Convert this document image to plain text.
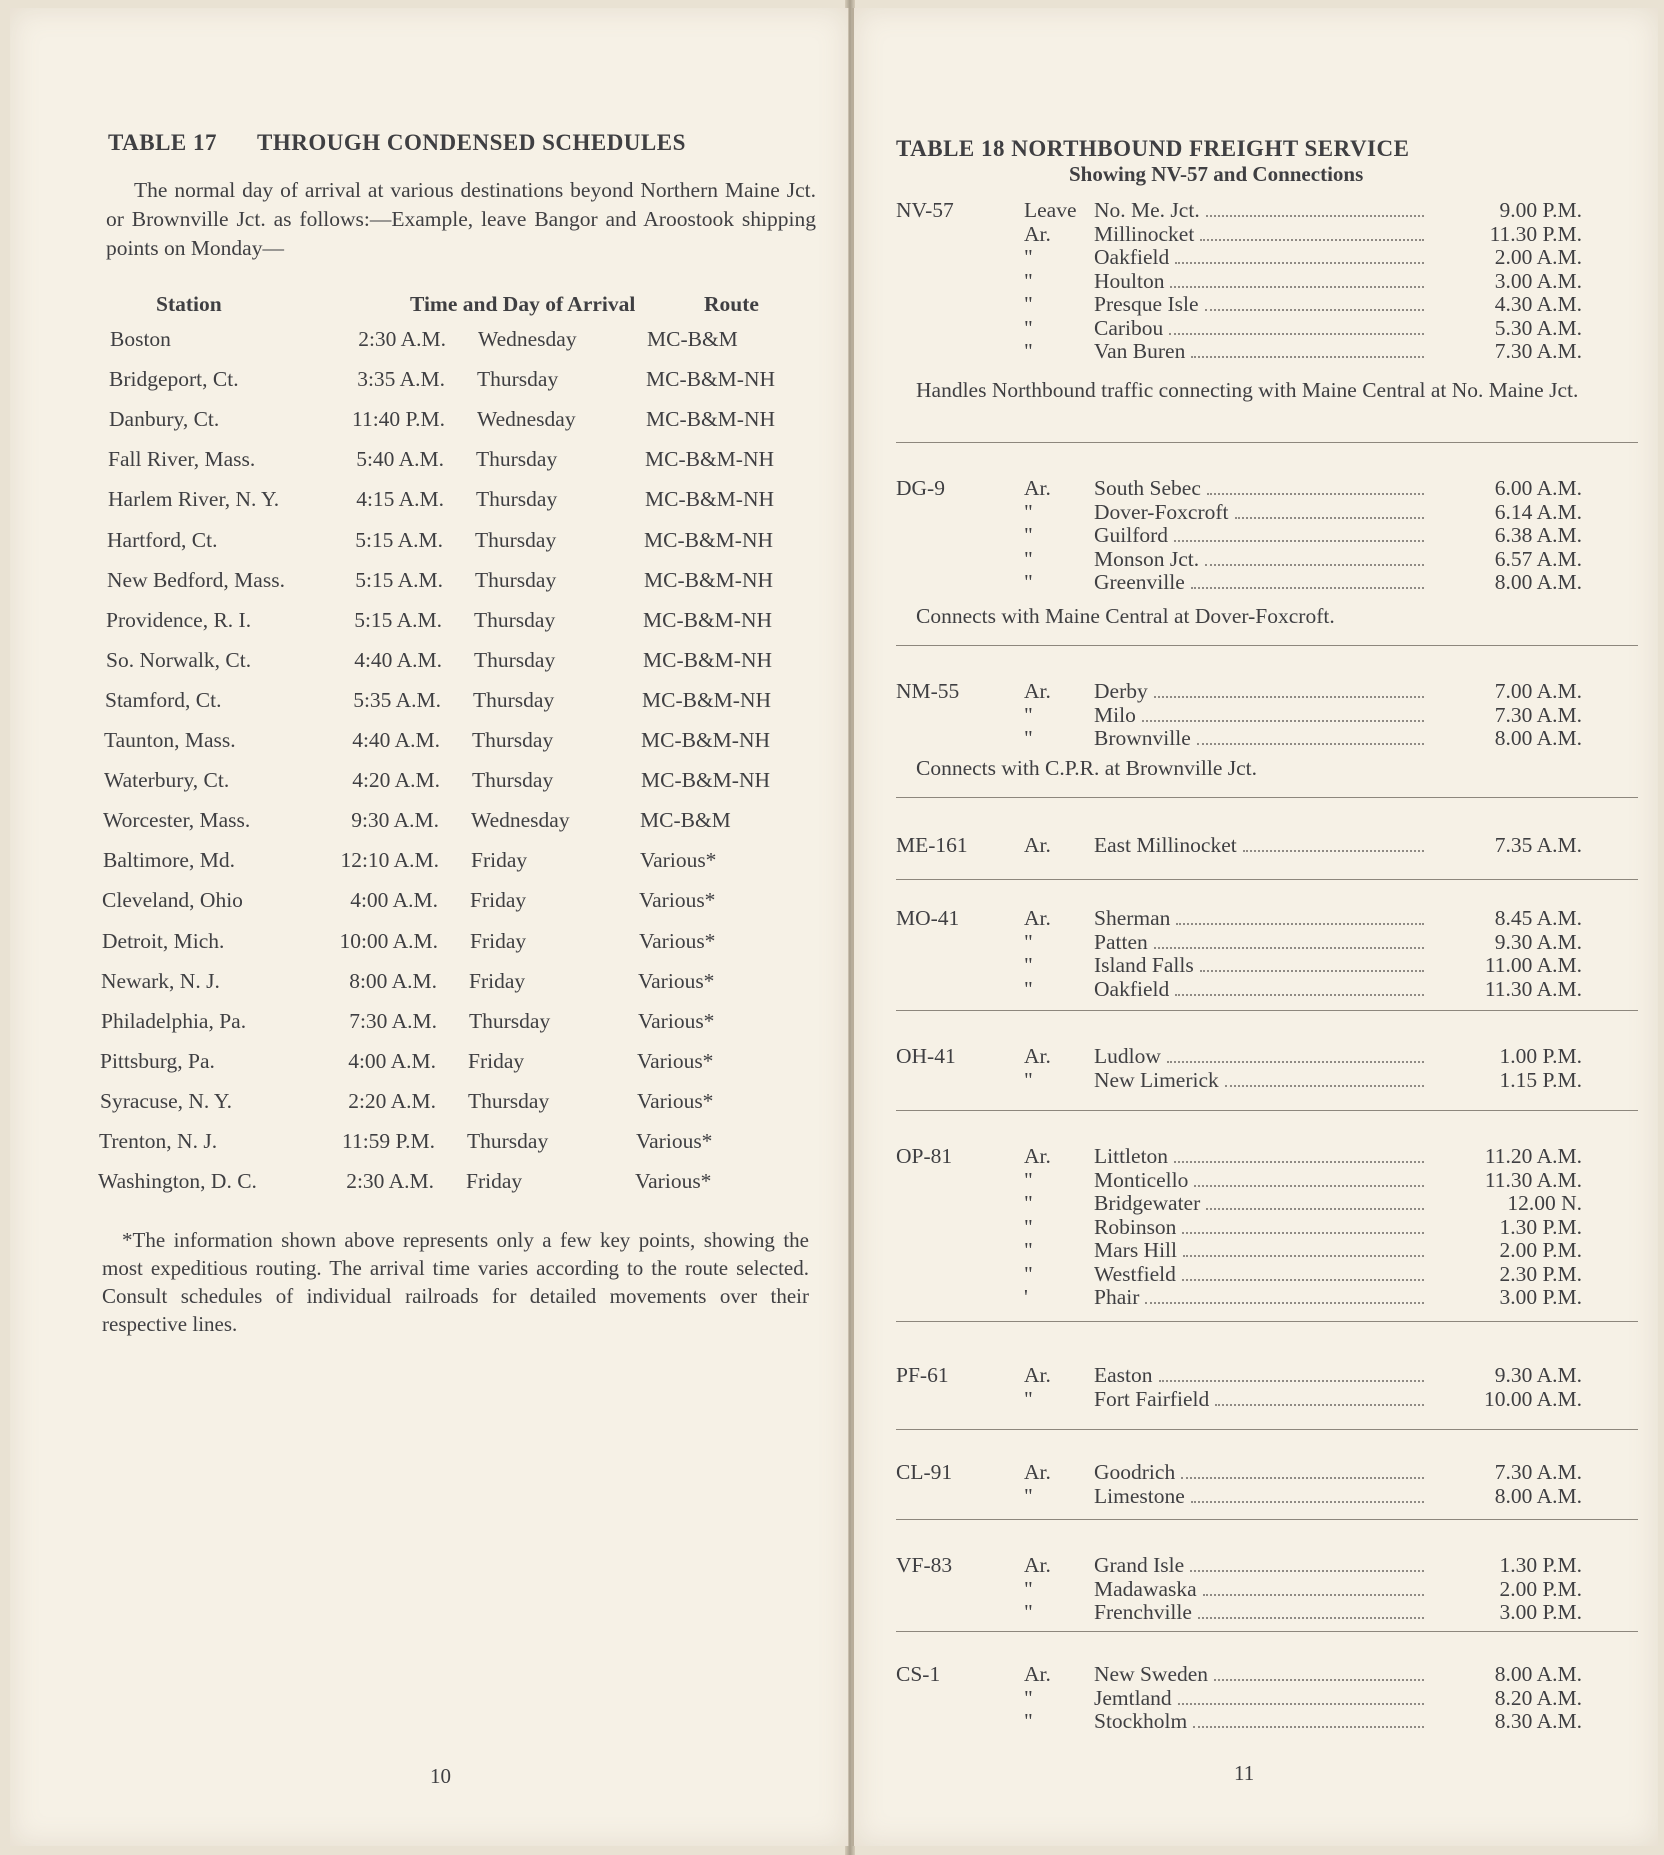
TABLE 17 THROUGH CONDENSED SCHEDULES
The normal day of arrival at various destinations beyond Northern Maine Jct. or Brownville Jct. as follows:—Example, leave Bangor and Aroostook shipping points on Monday—
Station	Time and Day of Arrival	Route
Boston	2:30 A.M. Wednesday	MC-B&M
Bridgeport, Ct.	3:35 A.M. Thursday	MC-B&M-NH
Danbury, Ct.	11:40 P.M. Wednesday	MC-B&M-NH
Fall River, Mass.	5:40 A.M. Thursday	MC-B&M-NH
Harlem River, N. Y.	4:15 A.M. Thursday	MC-B&M-NH
Hartford, Ct.	5:15 A.M. Thursday	MC-B&M-NH
New Bedford, Mass.	5:15 A.M. Thursday	MC-B&M-NH
Providence, R. I.	5:15 A.M. Thursday	MC-B&M-NH
So. Norwalk, Ct.	4:40 A.M. Thursday	MC-B&M-NH
Stamford, Ct.	5:35 A.M. Thursday	MC-B&M-NH
Taunton, Mass.	4:40 A.M. Thursday	MC-B&M-NH
Waterbury, Ct.	4:20 A.M. Thursday	MC-B&M-NH
Worcester, Mass.	9:30 A.M. Wednesday	MC-B&M
Baltimore, Md.	12:10 A.M. Friday	Various*
Cleveland, Ohio	4:00 A.M. Friday	Various*
Detroit, Mich.	10:00 A.M. Friday	Various*
Newark, N. J.	8:00 A.M. Friday	Various*
Philadelphia, Pa.	7:30 A.M. Thursday	Various*
Pittsburg, Pa.	4:00 A.M. Friday	Various*
Syracuse, N. Y.	2:20 A.M. Thursday	Various*
Trenton, N. J.	11:59 P.M. Thursday	Various*
Washington, D. C.	2:30 A.M. Friday	Various*
*The information shown above represents only a few key points, showing the most expeditious routing. The arrival time varies according to the route selected. Consult schedules of individual railroads for detailed movements over their respective lines.
10
TABLE 18 NORTHBOUND FREIGHT SERVICE
Showing NV-57 and Connections
NV-57	Leave No. Me. Jct.	9.00 P.M.
Ar.	Millinocket	11.30 P.M.
"	Oakfield	2.00 A.M.
"	Houlton	3.00 A.M.
"	Presque Isle	4.30 A.M.
"	Caribou	5.30 A.M.
"	Van Buren	7.30 A.M.
Handles Northbound traffic connecting with Maine Central at No. Maine Jct.
DG-9	Ar.	South Sebec	6.00 A.M.
"	Dover-Foxcroft	6.14 A.M.
"	Guilford	6.38 A.M.
"	Monson Jct.	6.57 A.M.
"	Greenville	8.00 A.M.
Connects with Maine Central at Dover-Foxcroft.
NM-55	Ar.	Derby	7.00 A.M.
"	Milo	7.30 A.M.
"	Brownville	8.00 A.M.
Connects with C.P.R. at Brownville Jct.
ME-161	Ar.	East Millinocket	7.35 A.M.
MO-41	Ar.	Sherman	8.45 A.M.
"	Patten	9.30 A.M.
"	Island Falls	11.00 A.M.
"	Oakfield	11.30 A.M.
OH-41	Ar.	Ludlow	1.00 P.M.
"	New Limerick	1.15 P.M.
OP-81	Ar.	Littleton	11.20 A.M.
"	Monticello	11.30 A.M.
"	Bridgewater	12.00 N.
"	Robinson	1.30 P.M.
"	Mars Hill	2.00 P.M.
"	Westfield	2.30 P.M.
'	Phair	3.00 P.M.
PF-61	Ar.	Easton	9.30 A.M.
"	Fort Fairfield	10.00 A.M.
CL-91	Ar.	Goodrich	7.30 A.M.
"	Limestone	8.00 A.M.
VF-83	Ar.	Grand Isle	1.30 P.M.
"	Madawaska	2.00 P.M.
"	Frenchville	3.00 P.M.
CS-1	Ar.	New Sweden	8.00 A.M.
"	Jemtland	8.20 A.M.
"	Stockholm	8.30 A.M.
11
